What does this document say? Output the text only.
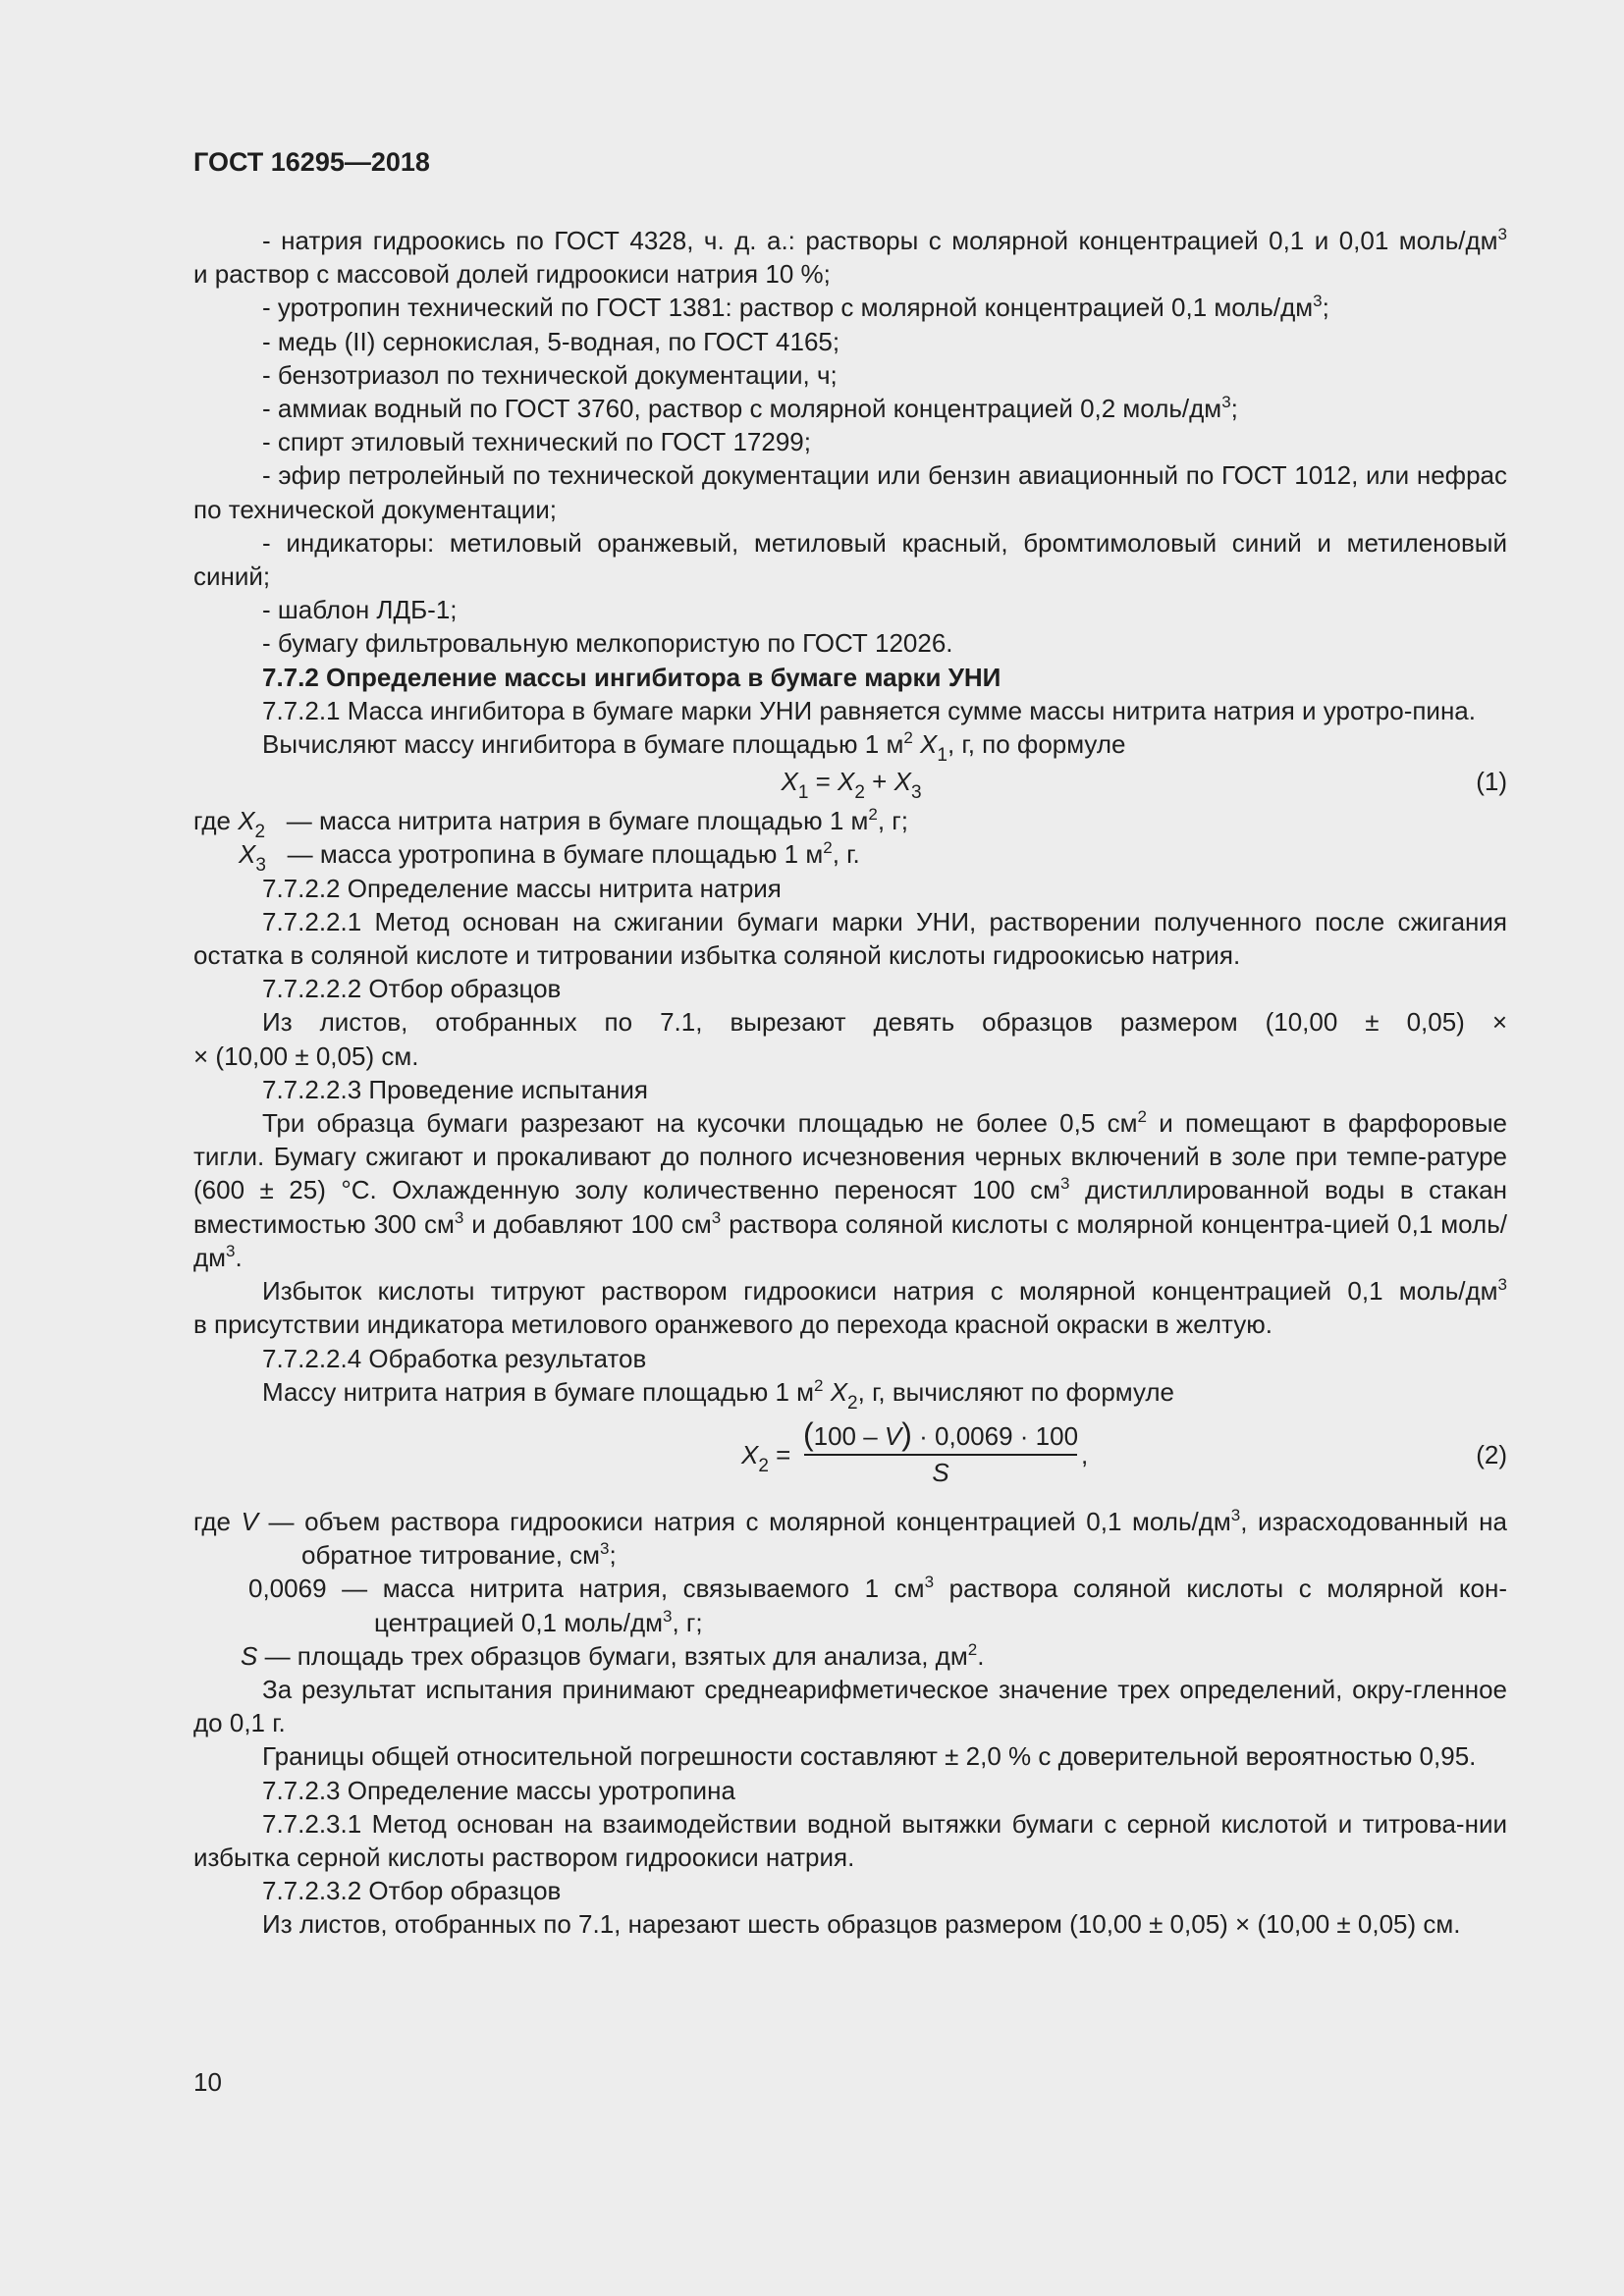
ГОСТ 16295—2018

- натрия гидроокись по ГОСТ 4328, ч. д. а.: растворы с молярной концентрацией 0,1 и 0,01 моль/$дм^3$

и раствор с массовой долей гидроокиси натрия 10 %;

- уротропин технический по ГОСТ 1381: раствор с молярной концентрацией 0,1 моль/$дм^3$;

- медь (II) сернокислая, 5-водная, по ГОСТ 4165;

- бензотриазол по технической документации, ч;

- аммиак водный по ГОСТ 3760, раствор с молярной концентрацией 0,2 моль/$дм^3$;

- спирт этиловый технический по ГОСТ 17299;

- эфир петролейный по технической документации или бензин авиационный по ГОСТ 1012, или нефрас по технической документации;

- индикаторы: метиловый оранжевый, метиловый красный, бромтимоловый синий и метиленовый синий;

- шаблон ЛДБ-1;

- бумагу фильтровальную мелкопористую по ГОСТ 12026.

7.7.2 Определение массы ингибитора в бумаге марки УНИ

7.7.2.1 Масса ингибитора в бумаге марки УНИ равняется сумме массы нитрита натрия и уротро-пина.

Вычисляют массу ингибитора в бумаге площадью 1 $м^2$ $X_1$, г, по формуле

$X_1 = X_2 + X_3$	(1)

где $X_2$ — масса нитрита натрия в бумаге площадью 1 $м^2$, г;

$X_3$ — масса уротропина в бумаге площадью 1 $м^2$, г.

7.7.2.2 Определение массы нитрита натрия

7.7.2.2.1 Метод основан на сжигании бумаги марки УНИ, растворении полученного после сжигания остатка в соляной кислоте и титровании избытка соляной кислоты гидроокисью натрия.

7.7.2.2.2 Отбор образцов

Из листов, отобранных по 7.1, вырезают девять образцов размером (10,00 ± 0,05) ×

× (10,00 ± 0,05) см.

7.7.2.2.3 Проведение испытания

Три образца бумаги разрезают на кусочки площадью не более 0,5 $см^2$ и помещают в фарфоровые тигли. Бумагу сжигают и прокаливают до полного исчезновения черных включений в золе при темпе-ратуре (600 ± 25) °С. Охлажденную золу количественно переносят 100 $см^3$ дистиллированной воды в стакан вместимостью 300 $см^3$ и добавляют 100 $см^3$ раствора соляной кислоты с молярной концентра-цией 0,1 моль/$дм^3$.

Избыток кислоты титруют раствором гидроокиси натрия с молярной концентрацией 0,1 моль/$дм^3$

в присутствии индикатора метилового оранжевого до перехода красной окраски в желтую.

7.7.2.2.4 Обработка результатов

Массу нитрита натрия в бумаге площадью 1 $м^2$ $X_2$, г, вычисляют по формуле

$X_2$ =
(100 – V) · 0,0069 · 100
S
,	(2)

где V — объем раствора гидроокиси натрия с молярной концентрацией 0,1 моль/$дм^3$, израсходованный на обратное титрование, $см^3$;

0,0069 — масса нитрита натрия, связываемого 1 $см^3$ раствора соляной кислоты с молярной кон-центрацией 0,1 моль/$дм^3$, г;

S — площадь трех образцов бумаги, взятых для анализа, $дм^2$.

За результат испытания принимают среднеарифметическое значение трех определений, окру-гленное до 0,1 г.

Границы общей относительной погрешности составляют ± 2,0 % с доверительной вероятностью 0,95.

7.7.2.3 Определение массы уротропина

7.7.2.3.1 Метод основан на взаимодействии водной вытяжки бумаги с серной кислотой и титрова-нии избытка серной кислоты раствором гидроокиси натрия.

7.7.2.3.2 Отбор образцов

Из листов, отобранных по 7.1, нарезают шесть образцов размером (10,00 ± 0,05) × (10,00 ± 0,05) см.

10
